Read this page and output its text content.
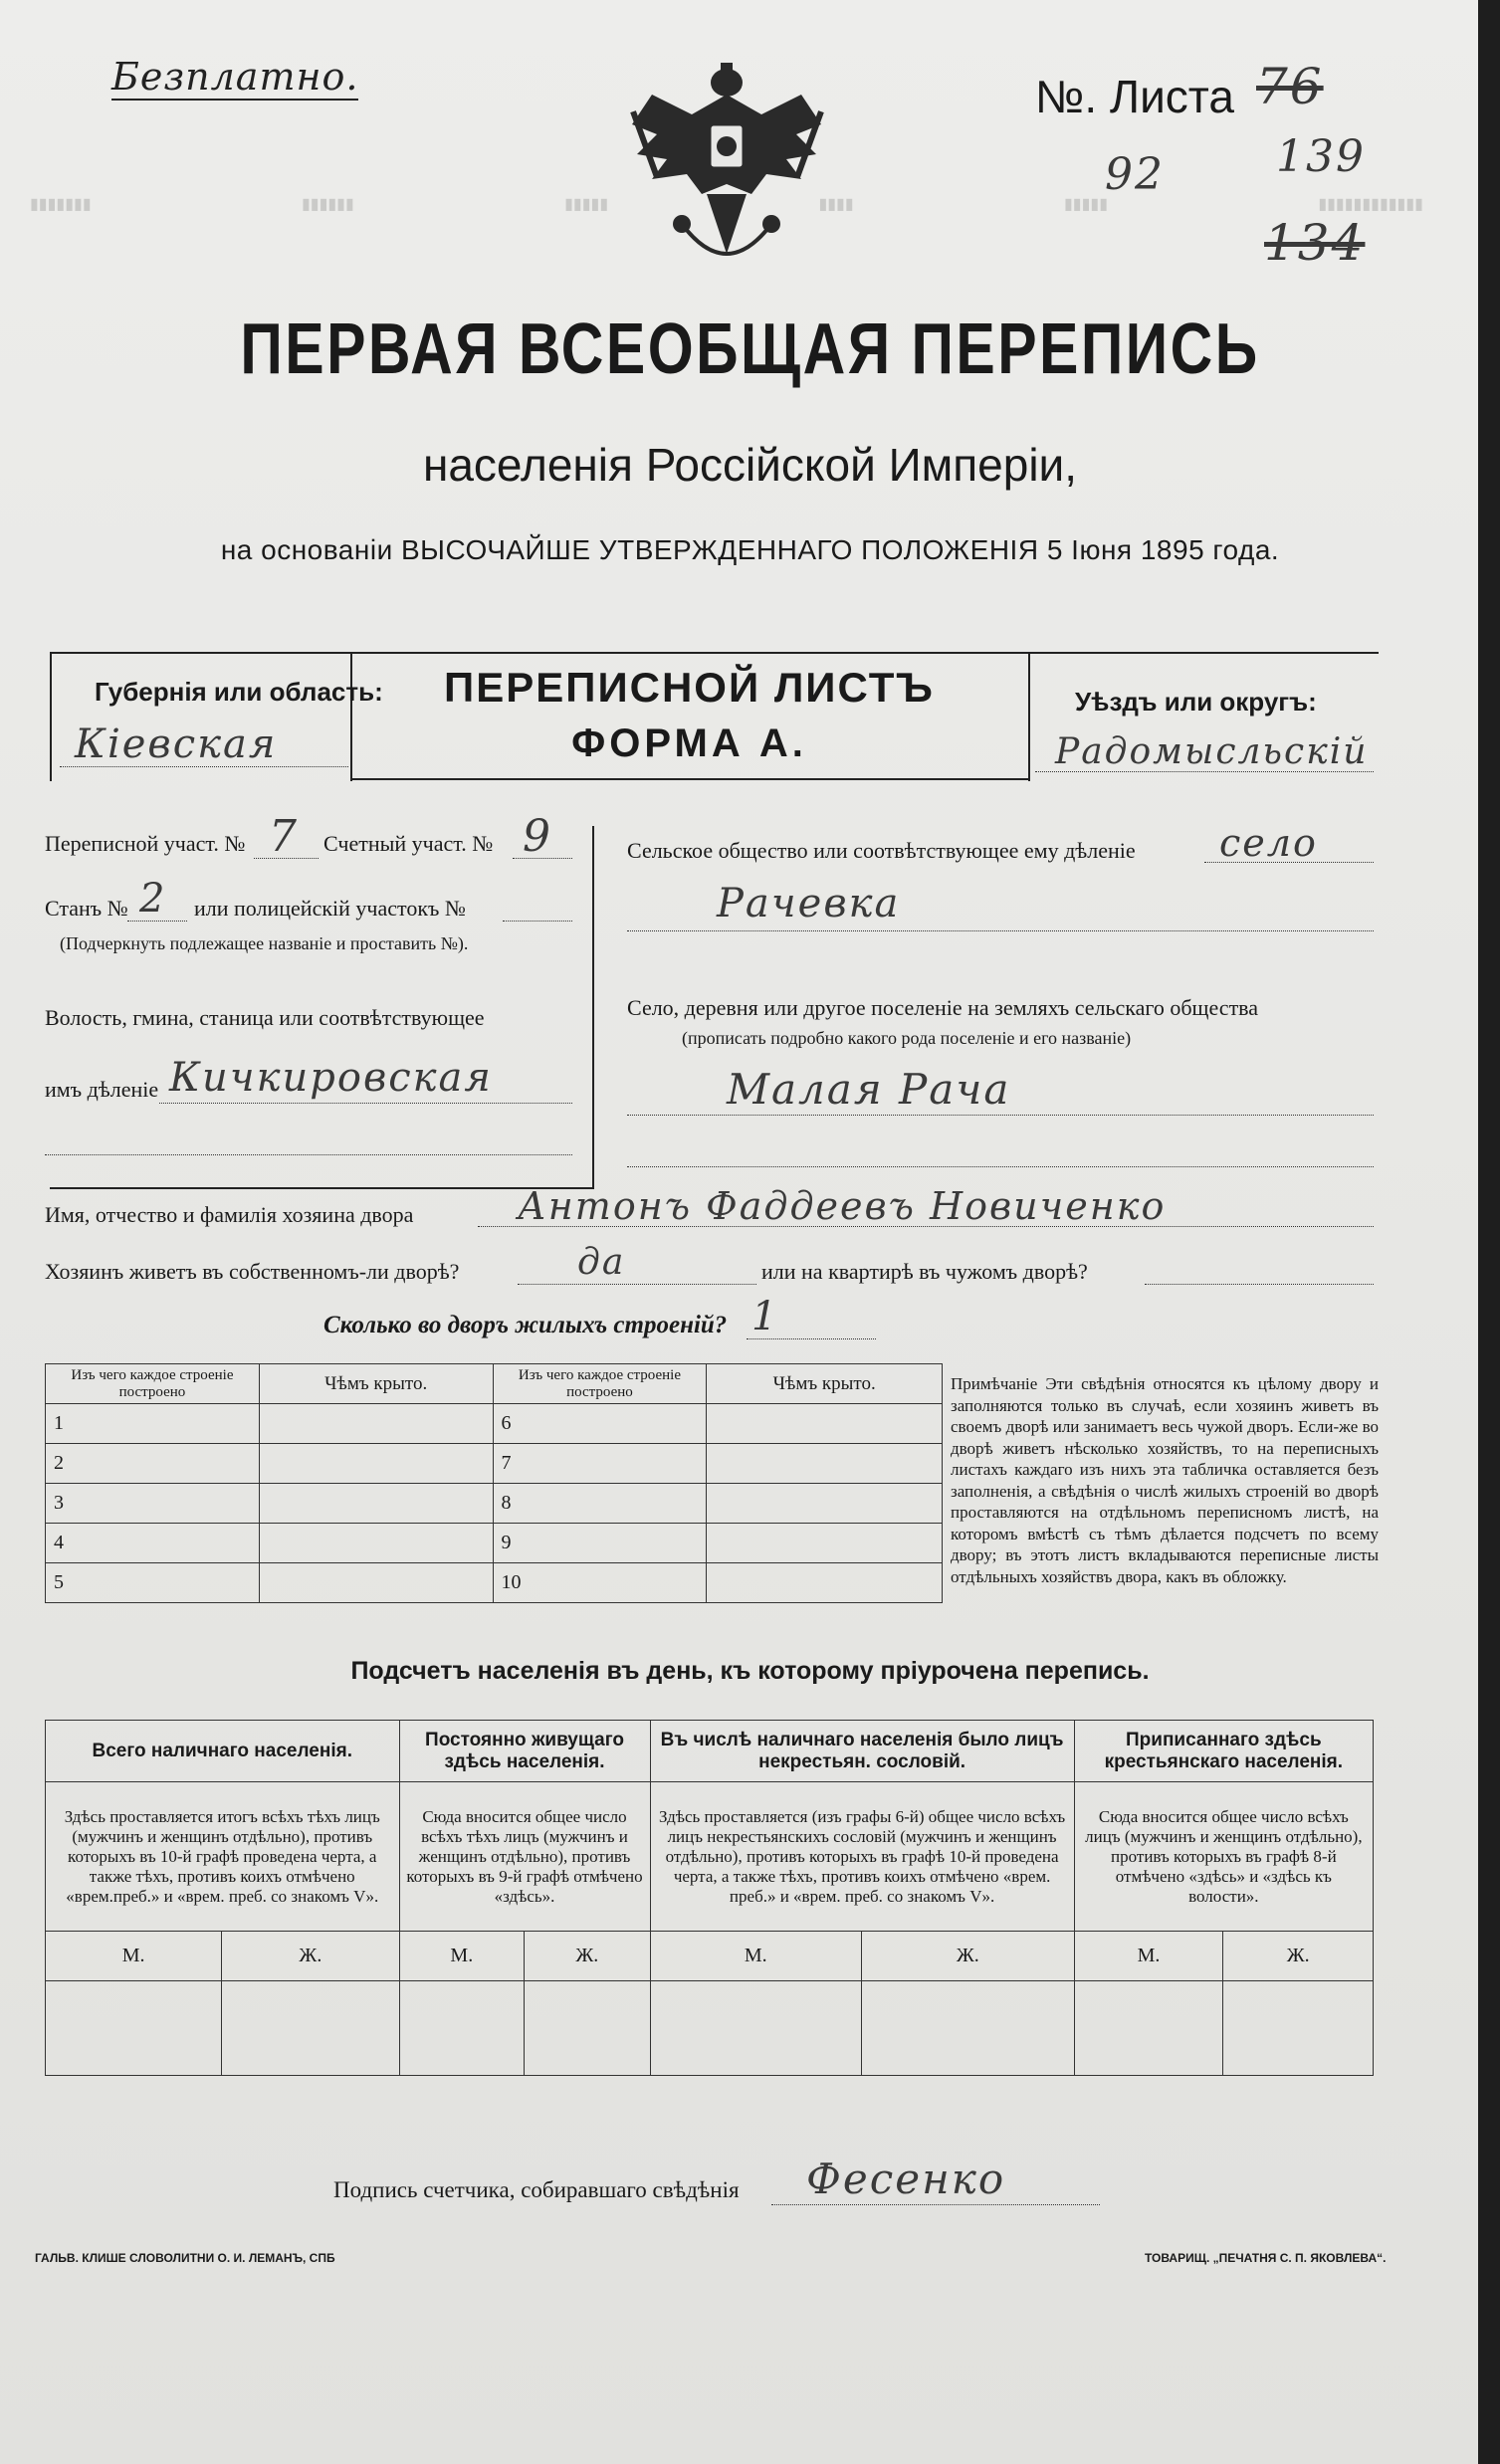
Безплатно.	№. Листа 76
139
92
134
▮▮▮▮▮▮▮	▮▮▮▮▮▮	▮▮▮▮▮	▮▮▮▮	▮▮▮▮▮	▮▮▮▮▮▮▮▮▮▮▮▮
ПЕРВАЯ ВСЕОБЩАЯ ПЕРЕПИСЬ
населенія Россійской Имперіи,
на основаніи ВЫСОЧАЙШЕ УТВЕРЖДЕННАГО ПОЛОЖЕНІЯ 5 Іюня 1895 года.
Губернія или область:
Кіевская
ПЕРЕПИСНОЙ ЛИСТЪ
ФОРМА А.
Уѣздъ или округъ:
Радомысльскій
Переписной участ. № 7 Счетный участ. № 9
Станъ № 2 или полицейскій участокъ №
(Подчеркнуть подлежащее названіе и проставить №).
Волость, гмина, станица или соотвѣтствующее
имъ дѣленіе Кичкировская
Сельское общество или соотвѣтствующее ему дѣленіе село
Рачевка
Село, деревня или другое поселеніе на земляхъ сельскаго общества
(прописать подробно какого рода поселеніе и его названіе)
Малая Рача
Имя, отчество и фамилія хозяина двора	Антонъ Фаддеевъ Новиченко
Хозяинъ живетъ въ собственномъ-ли дворѣ?	да	или на квартирѣ въ чужомъ дворѣ?
Сколько во дворъ жилыхъ строеній? 1
Изъ чего каждое строеніе построено	Чѣмъ крыто.	Изъ чего каждое строеніе построено	Чѣмъ крыто.
1		6	
2		7	
3		8	
4		9	
5		10	
Примѣчаніе Эти свѣдѣнія относятся къ цѣлому двору и заполняются только въ случаѣ, если хозяинъ живетъ въ своемъ дворѣ или занимаетъ весь чужой дворъ. Если-же во дворѣ живетъ нѣсколько хозяйствъ, то на переписныхъ листахъ каждаго изъ нихъ эта табличка оставляется безъ заполненія, а свѣдѣнія о числѣ жилыхъ строеній во дворѣ проставляются на отдѣльномъ переписномъ листѣ, на которомъ вмѣстѣ съ тѣмъ дѣлается подсчетъ по всему двору; въ этотъ листъ вкладываются переписные листы отдѣльныхъ хозяйствъ двора, какъ въ обложку.
Подсчетъ населенія въ день, къ которому пріурочена перепись.
Всего наличнаго населенія.		Постоянно живущаго здѣсь населенія.		Въ числѣ наличнаго населенія было лицъ некрестьян. сословій.		Приписаннаго здѣсь крестьянскаго населенія.	
Здѣсь проставляется итогъ всѣхъ тѣхъ лицъ (мужчинъ и женщинъ отдѣльно), противъ которыхъ въ 10-й графѣ проведена черта, а также тѣхъ, противъ коихъ отмѣчено «врем.преб.» и «врем. преб. со знакомъ V».		Сюда вносится общее число всѣхъ тѣхъ лицъ (мужчинъ и женщинъ отдѣльно), противъ которыхъ въ 9-й графѣ отмѣчено «здѣсь».		Здѣсь проставляется (изъ графы 6-й) общее число всѣхъ лицъ некрестьянскихъ сословій (мужчинъ и женщинъ отдѣльно), противъ которыхъ въ графѣ 10-й проведена черта, а также тѣхъ, противъ коихъ отмѣчено «врем. преб.» и «врем. преб. со знакомъ V».		Сюда вносится общее число всѣхъ лицъ (мужчинъ и женщинъ отдѣльно), противъ которыхъ въ графѣ 8-й отмѣчено «здѣсь» и «здѣсь къ волости».	
М.	Ж.	М.	Ж.	М.	Ж.	М.	Ж.

Подпись счетчика, собиравшаго свѣдѣнія Фесенко
ГАЛЬВ. КЛИШЕ СЛОВОЛИТНИ О. И. ЛЕМАНЪ, СПБ	ТОВАРИЩ. „ПЕЧАТНЯ С. П. ЯКОВЛЕВА“.
